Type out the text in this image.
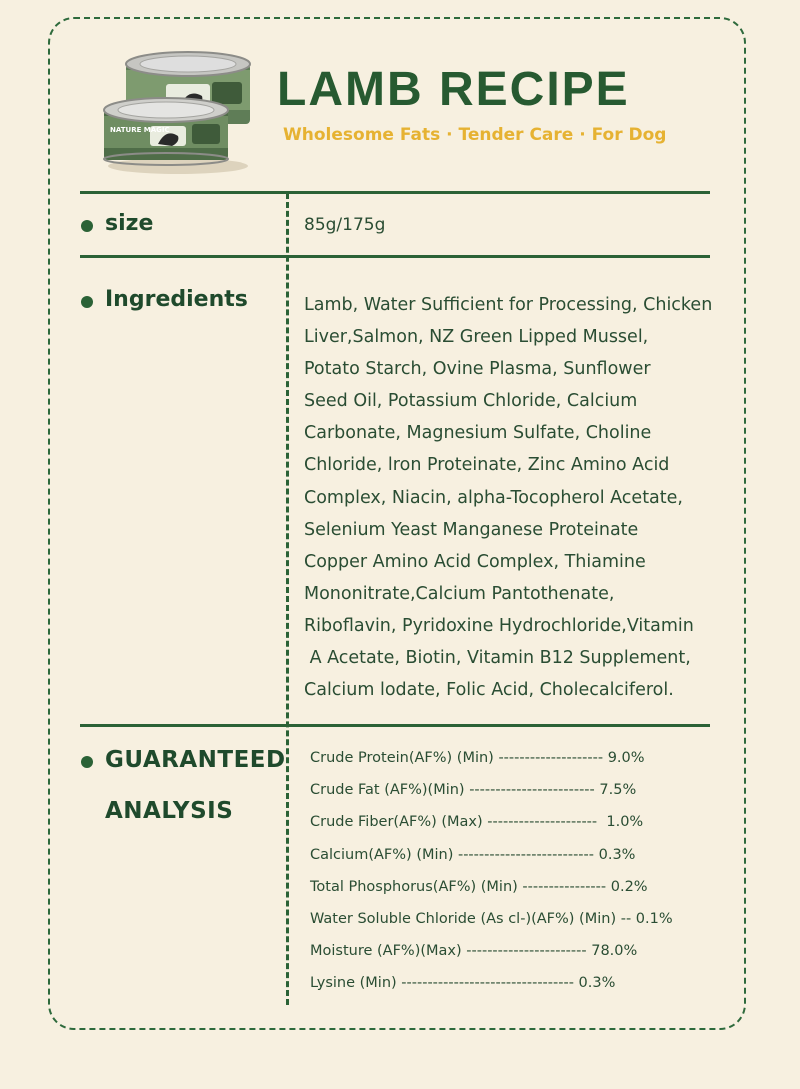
NATURE MAGIC
LAMB RECIPE
Wholesome Fats · Tender Care · For Dog
size	85g/175g
Ingredients	Lamb, Water Sufficient for Processing, Chicken
Liver,Salmon, NZ Green Lipped Mussel,
Potato Starch, Ovine Plasma, Sunflower
Seed Oil, Potassium Chloride, Calcium
Carbonate, Magnesium Sulfate, Choline
Chloride, lron Proteinate, Zinc Amino Acid
Complex, Niacin, alpha-Tocopherol Acetate,
Selenium Yeast Manganese Proteinate
Copper Amino Acid Complex, Thiamine
Mononitrate,Calcium Pantothenate,
Riboflavin, Pyridoxine Hydrochloride,Vitamin
A Acetate, Biotin, Vitamin B12 Supplement,
Calcium lodate, Folic Acid, Cholecalciferol.
GUARANTEED
ANALYSIS
Crude Protein(AF%) (Min) -------------------- 9.0%
Crude Fat (AF%)(Min) ------------------------ 7.5%
Crude Fiber(AF%) (Max) ---------------------  1.0%
Calcium(AF%) (Min) -------------------------- 0.3%
Total Phosphorus(AF%) (Min) ---------------- 0.2%
Water Soluble Chloride (As cl-)(AF%) (Min) -- 0.1%
Moisture (AF%)(Max) ----------------------- 78.0%
Lysine (Min) --------------------------------- 0.3%
